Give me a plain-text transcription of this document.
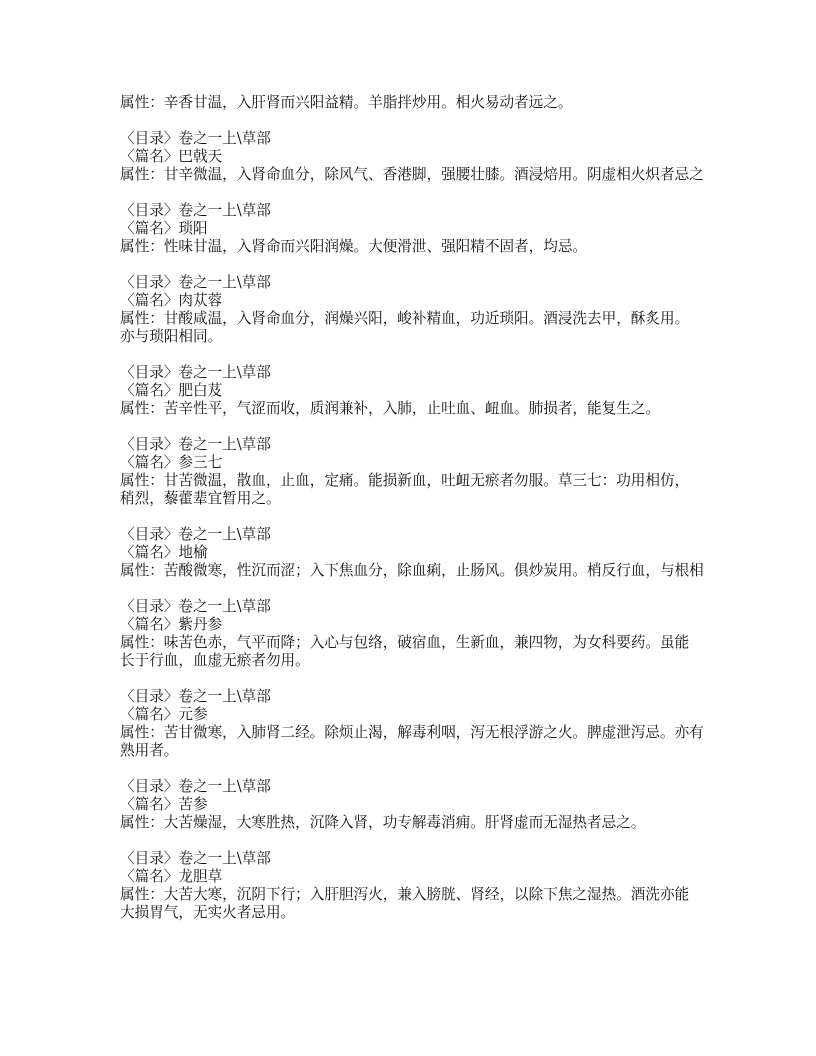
属性：辛香甘温，入肝肾而兴阳益精。羊脂拌炒用。相火易动者远之。
〈目录〉卷之一上\草部
〈篇名〉巴戟天
属性：甘辛微温，入肾命血分，除风气、香港脚，强腰壮膝。酒浸焙用。阴虚相火炽者忌之
〈目录〉卷之一上\草部
〈篇名〉琐阳
属性：性味甘温，入肾命而兴阳润燥。大便滑泄、强阳精不固者，均忌。
〈目录〉卷之一上\草部
〈篇名〉肉苁蓉
属性：甘酸咸温，入肾命血分，润燥兴阳，峻补精血，功近琐阳。酒浸洗去甲，酥炙用。
亦与琐阳相同。
〈目录〉卷之一上\草部
〈篇名〉肥白芨
属性：苦辛性平，气涩而收，质润兼补，入肺，止吐血、衄血。肺损者，能复生之。
〈目录〉卷之一上\草部
〈篇名〉参三七
属性：甘苦微温，散血，止血，定痛。能损新血，吐衄无瘀者勿服。草三七：功用相仿，
稍烈，藜藿辈宜暂用之。
〈目录〉卷之一上\草部
〈篇名〉地榆
属性：苦酸微寒，性沉而涩；入下焦血分，除血痢，止肠风。俱炒炭用。梢反行血，与根相
〈目录〉卷之一上\草部
〈篇名〉紫丹参
属性：味苦色赤，气平而降；入心与包络，破宿血，生新血，兼四物，为女科要药。虽能
长于行血，血虚无瘀者勿用。
〈目录〉卷之一上\草部
〈篇名〉元参
属性：苦甘微寒，入肺肾二经。除烦止渴，解毒利咽，泻无根浮游之火。脾虚泄泻忌。亦有
熟用者。
〈目录〉卷之一上\草部
〈篇名〉苦参
属性：大苦燥湿，大寒胜热，沉降入肾，功专解毒消痈。肝肾虚而无湿热者忌之。
〈目录〉卷之一上\草部
〈篇名〉龙胆草
属性：大苦大寒，沉阴下行；入肝胆泻火，兼入膀胱、肾经，以除下焦之湿热。酒洗亦能
大损胃气，无实火者忌用。
